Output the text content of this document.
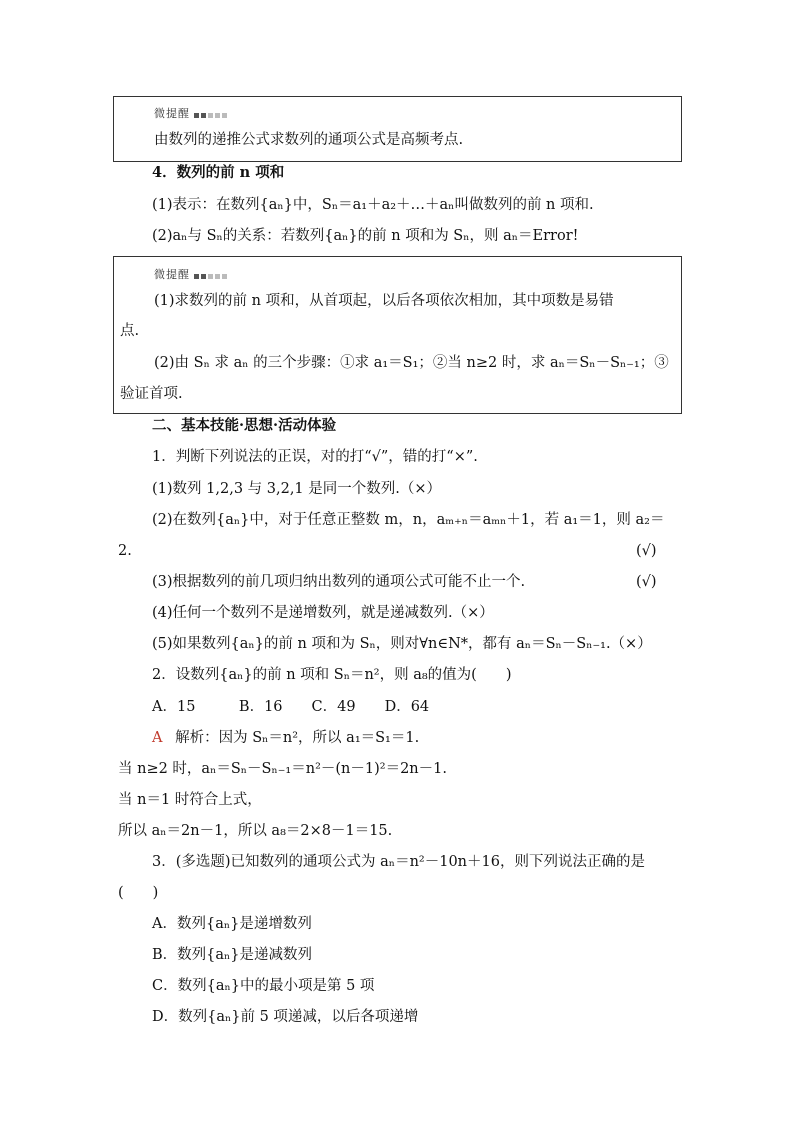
微提醒
由数列的递推公式求数列的通项公式是高频考点.
4．数列的前 n 项和
(1)表示：在数列{aₙ}中，Sₙ＝a₁＋a₂＋…＋aₙ叫做数列的前 n 项和.
(2)aₙ与 Sₙ的关系：若数列{aₙ}的前 n 项和为 Sₙ，则 aₙ＝Error!
微提醒
(1)求数列的前 n 项和，从首项起，以后各项依次相加，其中项数是易错
点.
(2)由 Sₙ 求 aₙ 的三个步骤：①求 a₁＝S₁；②当 n≥2 时，求 aₙ＝Sₙ－Sₙ₋₁；③
验证首项.
二、基本技能·思想·活动体验
1．判断下列说法的正误，对的打“√”，错的打“×”.
(1)数列 1,2,3 与 3,2,1 是同一个数列.（×）
(2)在数列{aₙ}中，对于任意正整数 m，n，aₘ₊ₙ＝aₘₙ＋1，若 a₁＝1，则 a₂＝
2.	(√)
(3)根据数列的前几项归纳出数列的通项公式可能不止一个.	(√)
(4)任何一个数列不是递增数列，就是递减数列.（×）
(5)如果数列{aₙ}的前 n 项和为 Sₙ，则对∀n∈N*，都有 aₙ＝Sₙ－Sₙ₋₁.（×）
2．设数列{aₙ}的前 n 项和 Sₙ＝n²，则 a₈的值为(　　)
A．15　　　B．16　　C．49　　D．64
A 解析：因为 Sₙ＝n²，所以 a₁＝S₁＝1.
当 n≥2 时，aₙ＝Sₙ－Sₙ₋₁＝n²－(n－1)²＝2n－1.
当 n＝1 时符合上式，
所以 aₙ＝2n－1，所以 a₈＝2×8－1＝15.
3．(多选题)已知数列的通项公式为 aₙ＝n²－10n＋16，则下列说法正确的是
(　　)
A．数列{aₙ}是递增数列
B．数列{aₙ}是递减数列
C．数列{aₙ}中的最小项是第 5 项
D．数列{aₙ}前 5 项递减，以后各项递增
